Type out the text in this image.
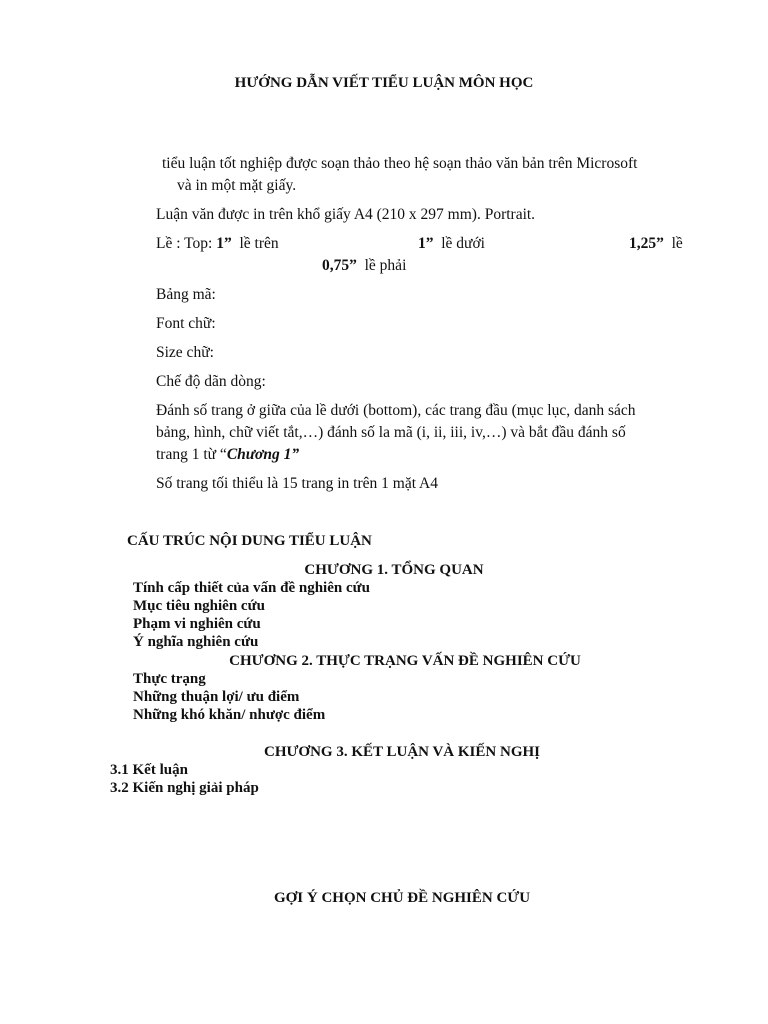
HƯỚNG DẪN VIẾT TIỂU LUẬN MÔN HỌC
tiểu luận tốt nghiệp được soạn thảo theo hệ soạn thảo văn bản trên Microsoft
và in một mặt giấy.
Luận văn được in trên khổ giấy A4 (210 x 297 mm). Portrait.
Lề : Top: 1” lề trên	1” lề dưới	1,25” lề
0,75” lề phải
Bảng mã:
Font chữ:
Size chữ:
Chế độ dãn dòng:
Đánh số trang ở giữa của lề dưới (bottom), các trang đầu (mục lục, danh sách
bảng, hình, chữ viết tắt,…) đánh số la mã (i, ii, iii, iv,…) và bắt đầu đánh số
trang 1 từ “Chương 1”
Số trang tối thiểu là 15 trang in trên 1 mặt A4
CẤU TRÚC NỘI DUNG TIỂU LUẬN
CHƯƠNG 1. TỔNG QUAN
Tính cấp thiết của vấn đề nghiên cứu
Mục tiêu nghiên cứu
Phạm vi nghiên cứu
Ý nghĩa nghiên cứu
CHƯƠNG 2. THỰC TRẠNG VẤN ĐỀ NGHIÊN CỨU
Thực trạng
Những thuận lợi/ ưu điểm
Những khó khăn/ nhược điểm
CHƯƠNG 3. KẾT LUẬN VÀ KIẾN NGHỊ
3.1 Kết luận
3.2 Kiến nghị giải pháp
GỢI Ý CHỌN CHỦ ĐỀ NGHIÊN CỨU
